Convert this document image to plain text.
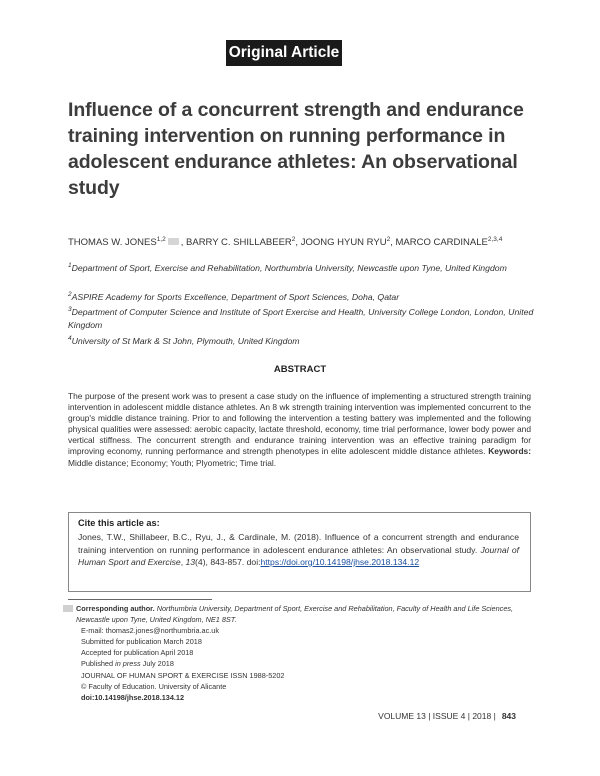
Original Article
Influence of a concurrent strength and endurance training intervention on running performance in adolescent endurance athletes: An observational study
THOMAS W. JONES$^{1,2}$ , BARRY C. SHILLABEER$^2$, JOONG HYUN RYU$^2$, MARCO CARDINALE$^{2,3,4}$
$^1$Department of Sport, Exercise and Rehabilitation, Northumbria University, Newcastle upon Tyne, United Kingdom
$^2$ASPIRE Academy for Sports Excellence, Department of Sport Sciences, Doha, Qatar
$^3$Department of Computer Science and Institute of Sport Exercise and Health, University College London, London, United Kingdom
$^4$University of St Mark & St John, Plymouth, United Kingdom
ABSTRACT

The purpose of the present work was to present a case study on the influence of implementing a structured strength training intervention in adolescent middle distance athletes. An 8 wk strength training intervention was implemented concurrent to the group's middle distance training. Prior to and following the intervention a testing battery was implemented and the following physical qualities were assessed: aerobic capacity, lactate threshold, economy, time trial performance, lower body power and vertical stiffness. The concurrent strength and endurance training intervention was an effective training paradigm for improving economy, running performance and strength phenotypes in elite adolescent middle distance athletes. Keywords: Middle distance; Economy; Youth; Plyometric; Time trial.

Cite this article as:

Jones, T.W., Shillabeer, B.C., Ryu, J., & Cardinale, M. (2018). Influence of a concurrent strength and endurance training intervention on running performance in adolescent endurance athletes: An observational study. Journal of Human Sport and Exercise, 13(4), 843-857. doi:https://doi.org/10.14198/jhse.2018.134.12

Corresponding author. Northumbria University, Department of Sport, Exercise and Rehabilitation, Faculty of Health and Life Sciences, Newcastle upon Tyne, United Kingdom, NE1 8ST.
E-mail: thomas2.jones@northumbria.ac.uk
Submitted for publication March 2018
Accepted for publication April 2018
Published in press July 2018
JOURNAL OF HUMAN SPORT & EXERCISE ISSN 1988-5202
© Faculty of Education. University of Alicante
doi:10.14198/jhse.2018.134.12
VOLUME 13 | ISSUE 4 | 2018 | 843
